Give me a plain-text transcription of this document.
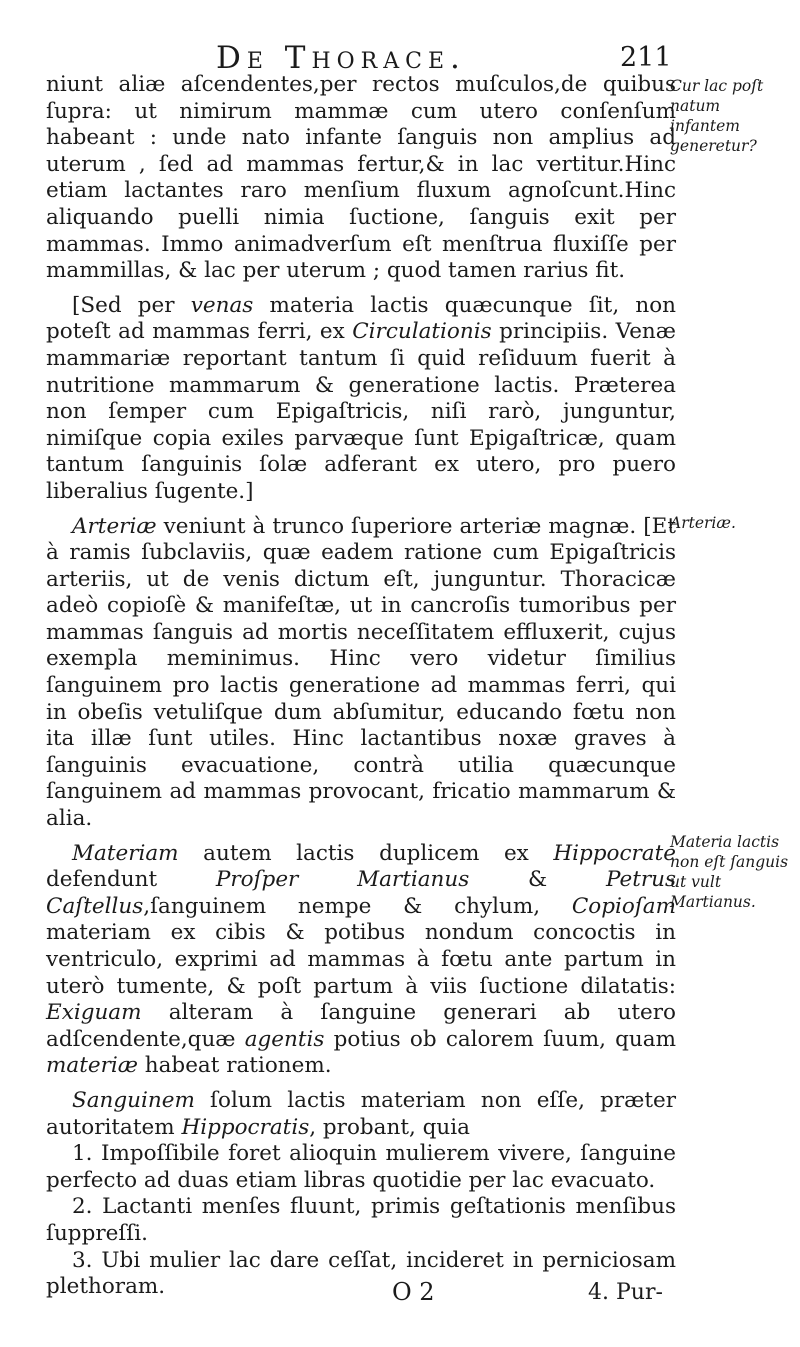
De Thorace.	211

niunt aliæ aſcendentes,per rectos muſculos,de quibus ſupra: ut nimirum mammæ cum utero conſenſum habeant : unde nato infante ſanguis non amplius ad uterum , ſed ad mammas fertur,& in lac vertitur.Hinc etiam lactantes raro menſium fluxum agnoſcunt.Hinc aliquando puelli nimia ſuctione, ſanguis exit per mammas. Immo animadverſum eſt menſtrua fluxiſſe per mammillas, & lac per uterum ; quod tamen rarius fit.

[Sed per venas materia lactis quæcunque ſit, non poteſt ad mammas ferri, ex Circulationis principiis. Venæ mammariæ reportant tantum ſi quid reſiduum fuerit à nutritione mammarum & generatione lactis. Præterea non ſemper cum Epigaſtricis, niſi rarò, junguntur, nimiſque copia exiles parvæque ſunt Epigaſtricæ, quam tantum ſanguinis ſolæ adferant ex utero, pro puero liberalius ſugente.]

Arteriæ veniunt à trunco ſuperiore arteriæ magnæ. [Et à ramis ſubclaviis, quæ eadem ratione cum Epigaſtricis arteriis, ut de venis dictum eſt, junguntur. Thoracicæ adeò copioſè & manifeſtæ, ut in cancroſis tumoribus per mammas ſanguis ad mortis neceſſitatem effluxerit, cujus exempla meminimus. Hinc vero videtur ſimilius ſanguinem pro lactis generatione ad mammas ferri, qui in obeſis vetuliſque dum abſumitur, educando fœtu non ita illæ ſunt utiles. Hinc lactantibus noxæ graves à ſanguinis evacuatione, contrà utilia quæcunque ſanguinem ad mammas provocant, fricatio mammarum & alia.

Materiam autem lactis duplicem ex Hippocrate defendunt Proſper Martianus & Petrus Caſtellus,ſanguinem nempe & chylum, Copioſam materiam ex cibis & potibus nondum concoctis in ventriculo, exprimi ad mammas à fœtu ante partum in uterò tumente, & poſt partum à viis ſuctione dilatatis: Exiguam alteram à ſanguine generari ab utero adſcendente,quæ agentis potius ob calorem ſuum, quam materiæ habeat rationem.

Sanguinem ſolum lactis materiam non eſſe, præter autoritatem Hippocratis, probant, quia

1. Impoſſibile foret alioquin mulierem vivere, ſanguine perfecto ad duas etiam libras quotidie per lac evacuato.

2. Lactanti menſes fluunt, primis geſtationis menſibus ſuppreſſi.

3. Ubi mulier lac dare ceſſat, incideret in perniciosam plethoram.

Cur lac poſt natum infantem generetur?
Arteriæ.
Materia lactis non eſt ſanguis ut vult Martianus.
O 2	4. Pur-
